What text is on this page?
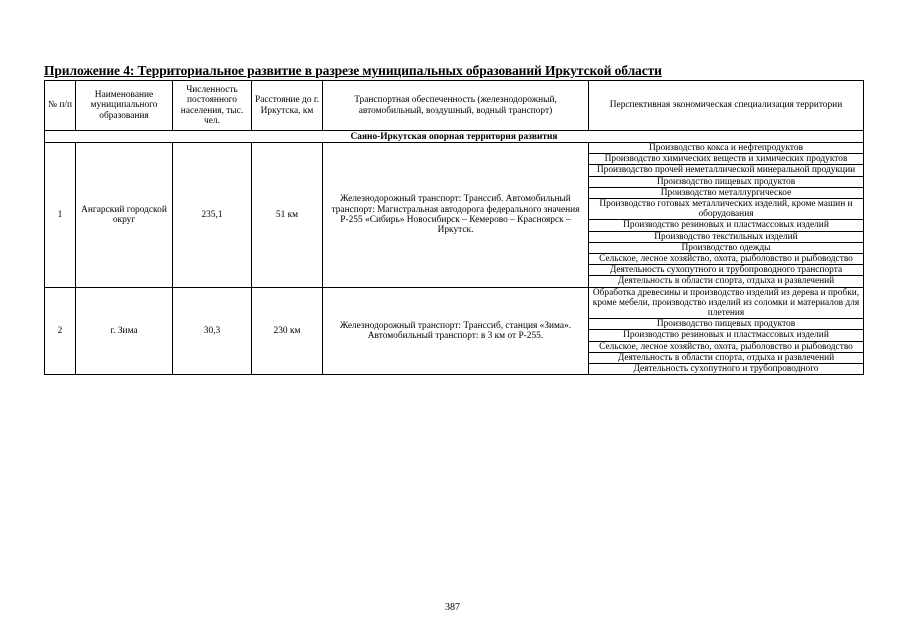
Приложение 4: Территориальное развитие в разрезе муниципальных образований Иркутской области
№ п/п	Наименование муниципального образования	Численность постоянного населения, тыс. чел.	Расстояние до г. Иркутска, км	Транспортная обеспеченность (железнодорожный, автомобильный, воздушный, водный транспорт)	Перспективная экономическая специализация территории
Саяно-Иркутская опорная территория развития					
1	Ангарский городской округ	235,1	51 км	Железнодорожный транспорт: Транссиб. Автомобильный транспорт: Магистральная автодорога федерального значения Р-255 «Сибирь» Новосибирск – Кемерово – Красноярск – Иркутск.	Производство кокса и нефтепродуктов
					Производство химических веществ и химических продуктов
					Производство прочей неметаллической минеральной продукции
					Производство пищевых продуктов
					Производство металлургическое
					Производство готовых металлических изделий, кроме машин и оборудования
					Производство резиновых и пластмассовых изделий
					Производство текстильных изделий
					Производство одежды
					Сельское, лесное хозяйство, охота, рыболовство и рыбоводство
					Деятельность сухопутного и трубопроводного транспорта
					Деятельность в области спорта, отдыха и развлечений
2	г. Зима	30,3	230 км	Железнодорожный транспорт: Транссиб, станция «Зима». Автомобильный транспорт: в 3 км от Р-255.	Обработка древесины и производство изделий из дерева и пробки, кроме мебели, производство изделий из соломки и материалов для плетения
					Производство пищевых продуктов
					Производство резиновых и пластмассовых изделий
					Сельское, лесное хозяйство, охота, рыболовство и рыбоводство
					Деятельность в области спорта, отдыха и развлечений
					Деятельность сухопутного и трубопроводного
387
